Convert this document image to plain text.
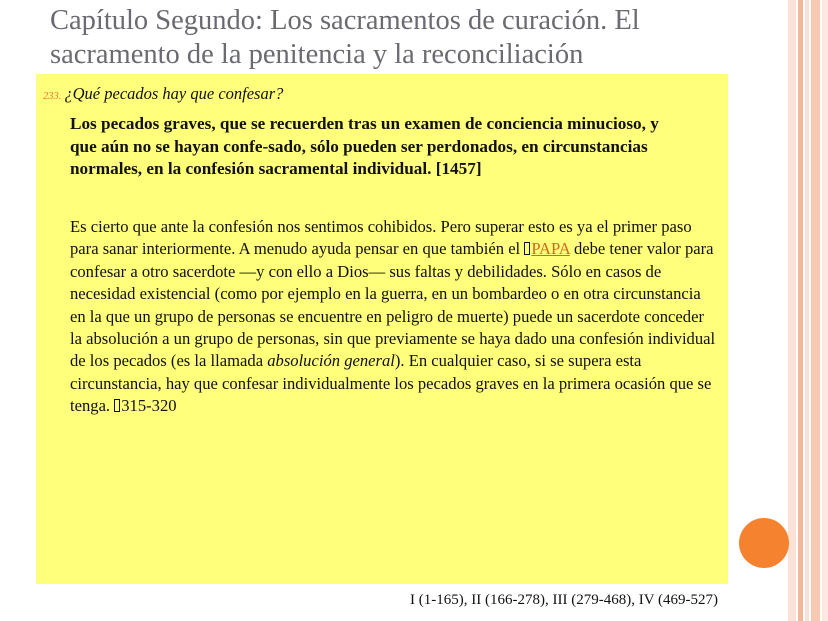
Capítulo Segundo: Los sacramentos de curación. El
sacramento de la penitencia y la reconciliación
233. ¿Qué pecados hay que confesar?
Los pecados graves, que se recuerden tras un examen de conciencia minucioso, y que aún no se hayan confe-sado, sólo pueden ser perdonados, en circunstancias normales, en la confesión sacramental individual. [1457]

Es cierto que ante la confesión nos sentimos cohibidos. Pero superar esto es ya el primer paso para sanar interiormente. A menudo ayuda pensar en que también el PAPA debe tener valor para confesar a otro sacerdote —y con ello a Dios— sus faltas y debilidades. Sólo en casos de necesidad existencial (como por ejemplo en la guerra, en un bombardeo o en otra circunstancia en la que un grupo de personas se encuentre en peligro de muerte) puede un sacerdote conceder la absolución a un grupo de personas, sin que previamente se haya dado una confesión individual de los pecados (es la llamada absolución general). En cualquier caso, si se supera esta circunstancia, hay que confesar individualmente los pecados graves en la primera ocasión que se tenga. 315-320

I (1-165), II (166-278), III (279-468), IV (469-527)
